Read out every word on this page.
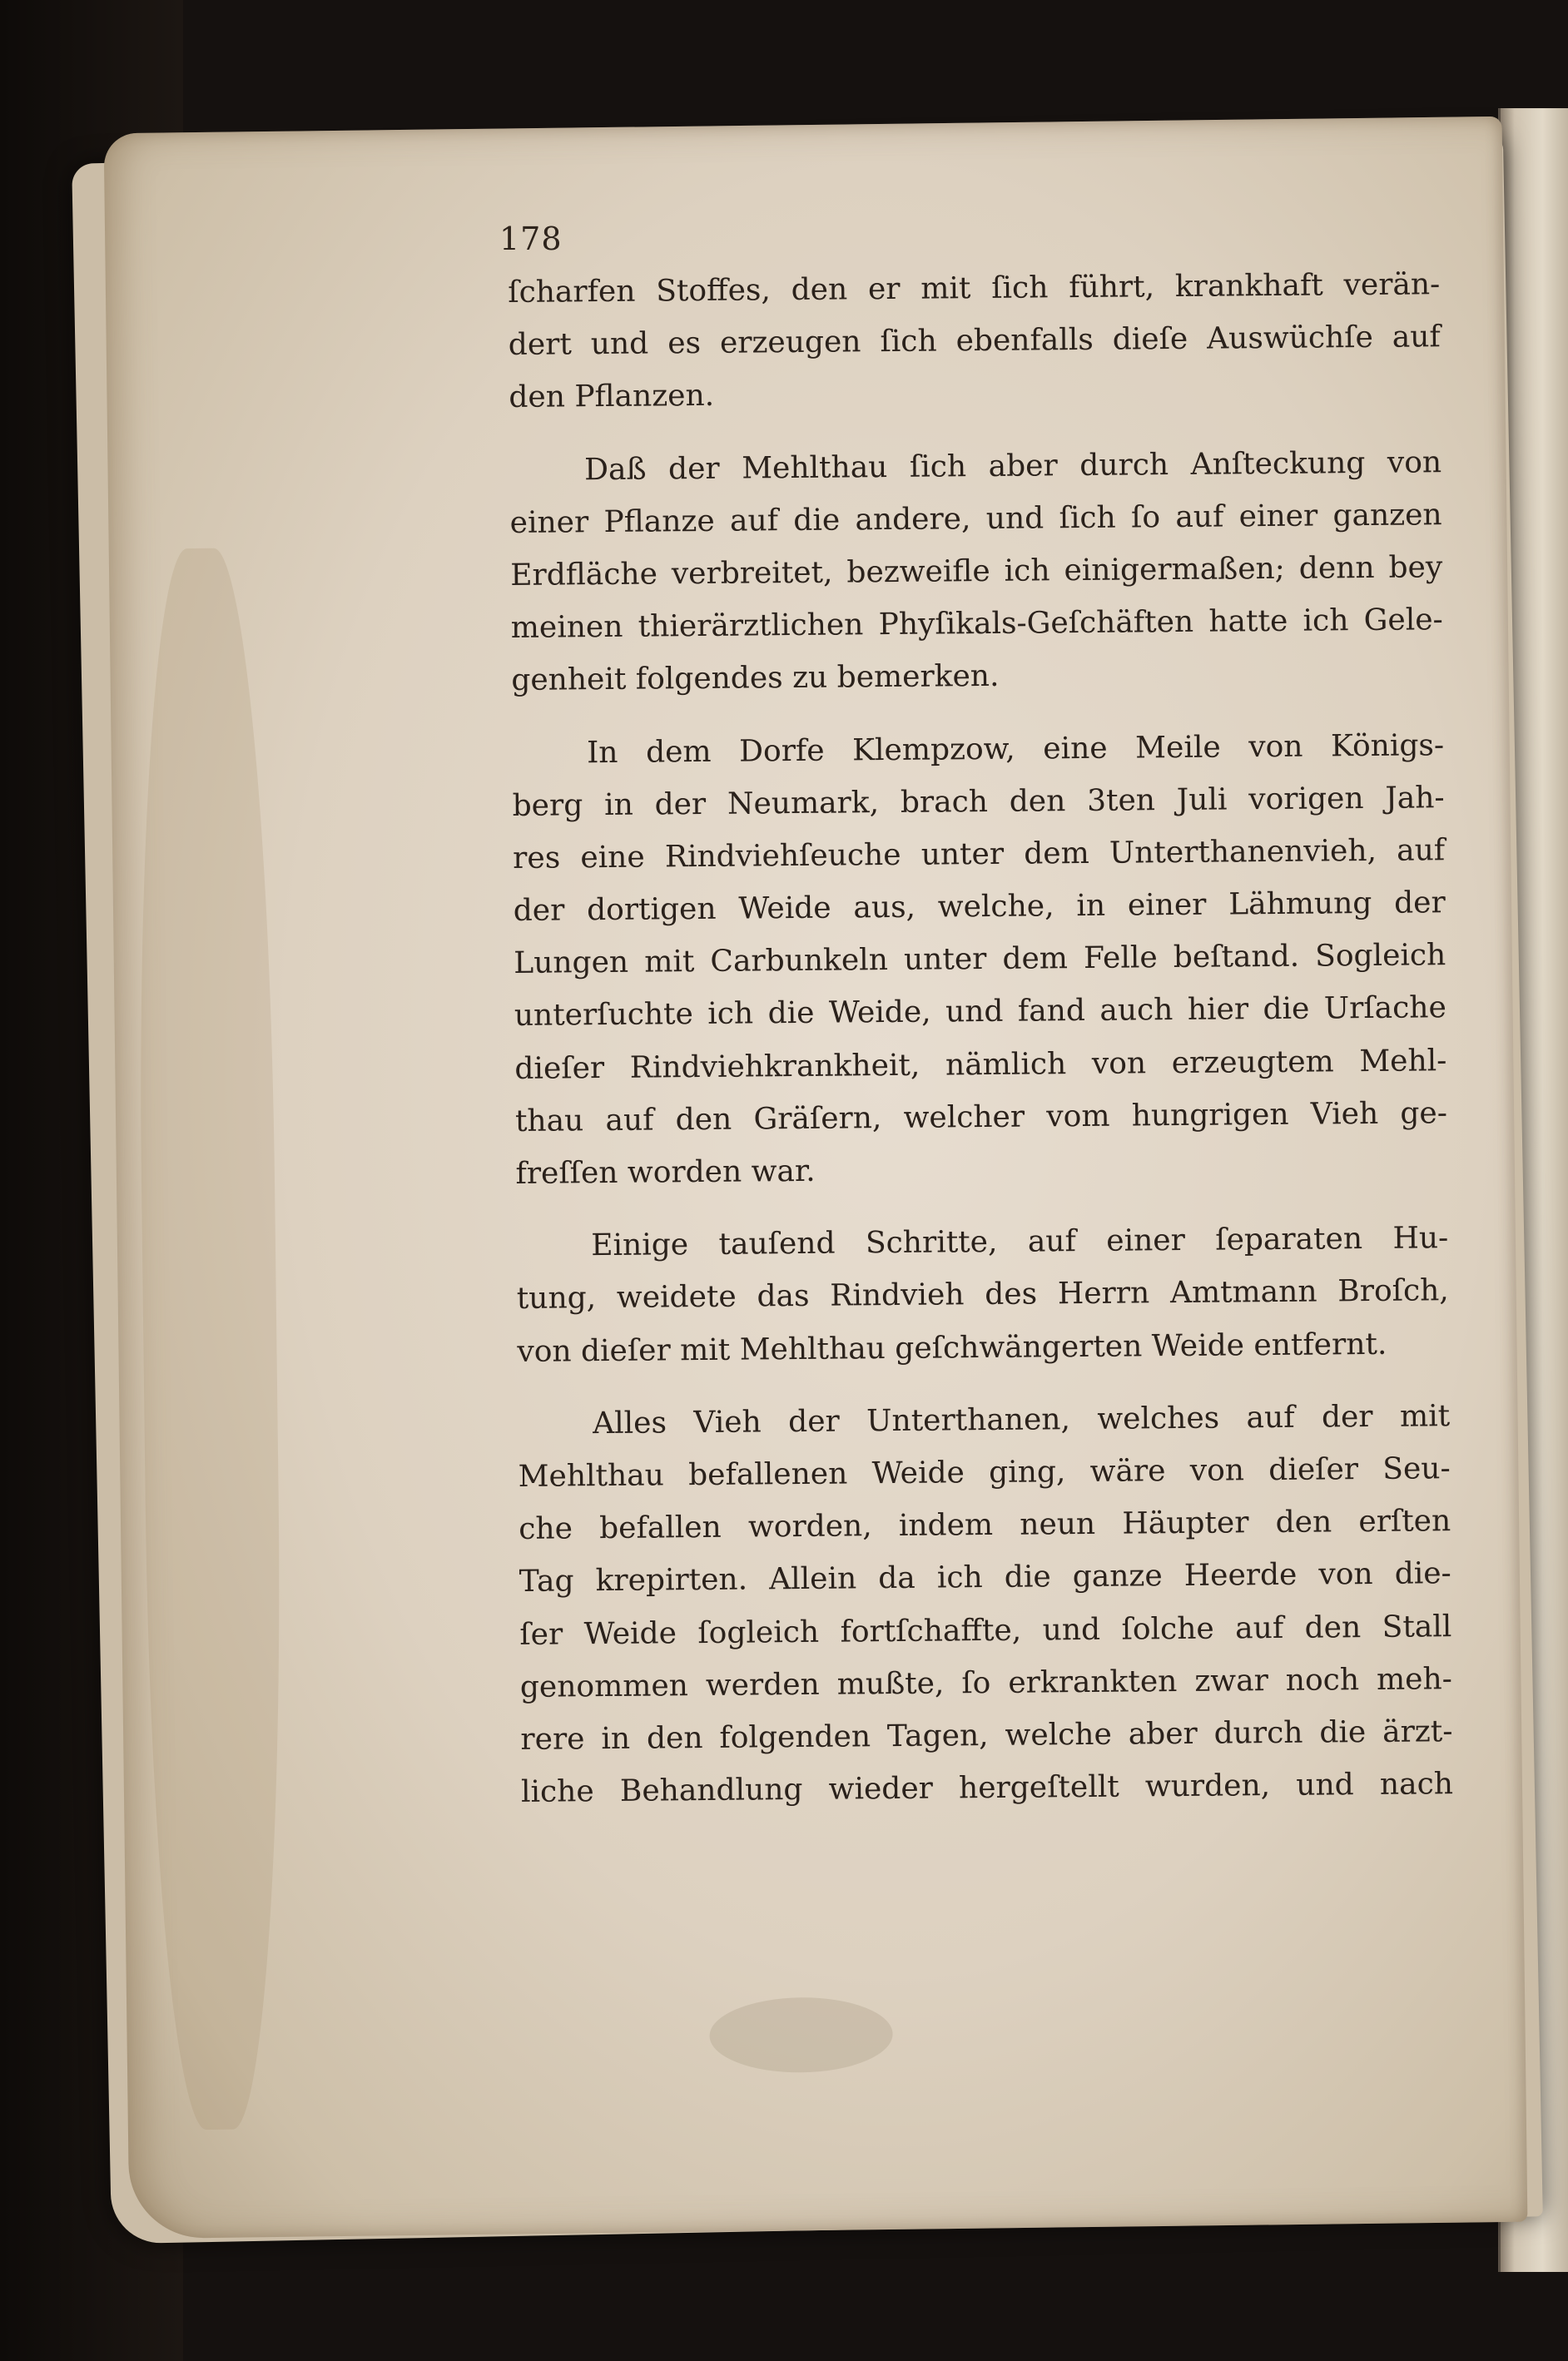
178
ſcharfen Stoffes, den er mit ſich führt, krankhaft verän-
dert und es erzeugen ſich ebenfalls dieſe Auswüchſe auf
den Pflanzen.
Daß der Mehlthau ſich aber durch Anſteckung von
einer Pflanze auf die andere, und ſich ſo auf einer ganzen
Erdfläche verbreitet, bezweifle ich einigermaßen; denn bey
meinen thierärztlichen Phyſikals-Geſchäften hatte ich Gele-
genheit folgendes zu bemerken.
In dem Dorfe Klempzow, eine Meile von Königs-
berg in der Neumark, brach den 3ten Juli vorigen Jah-
res eine Rindviehſeuche unter dem Unterthanenvieh, auf
der dortigen Weide aus, welche, in einer Lähmung der
Lungen mit Carbunkeln unter dem Felle beſtand. Sogleich
unterſuchte ich die Weide, und fand auch hier die Urſache
dieſer Rindviehkrankheit, nämlich von erzeugtem Mehl-
thau auf den Gräſern, welcher vom hungrigen Vieh ge-
freſſen worden war.
Einige tauſend Schritte, auf einer ſeparaten Hu-
tung, weidete das Rindvieh des Herrn Amtmann Broſch,
von dieſer mit Mehlthau geſchwängerten Weide entfernt.
Alles Vieh der Unterthanen, welches auf der mit
Mehlthau befallenen Weide ging, wäre von dieſer Seu-
che befallen worden, indem neun Häupter den erſten
Tag krepirten. Allein da ich die ganze Heerde von die-
ſer Weide ſogleich fortſchaffte, und ſolche auf den Stall
genommen werden mußte, ſo erkrankten zwar noch meh-
rere in den folgenden Tagen, welche aber durch die ärzt-
liche Behandlung wieder hergeſtellt wurden, und nach
